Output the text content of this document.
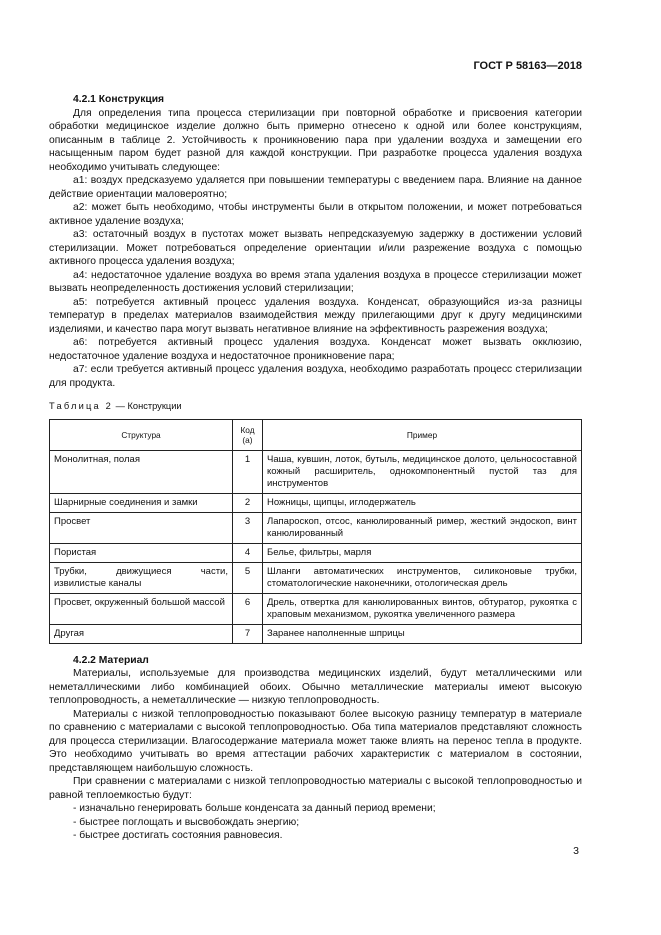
ГОСТ Р 58163—2018

4.2.1 Конструкция

Для определения типа процесса стерилизации при повторной обработке и присвоения категории обработки медицинское изделие должно быть примерно отнесено к одной или более конструкциям, описанным в таблице 2. Устойчивость к проникновению пара при удалении воздуха и замещении его насыщенным паром будет разной для каждой конструкции. При разработке процесса удаления воздуха необходимо учитывать следующее:

а1: воздух предсказуемо удаляется при повышении температуры с введением пара. Влияние на данное действие ориентации маловероятно;

а2: может быть необходимо, чтобы инструменты были в открытом положении, и может потребоваться активное удаление воздуха;

а3: остаточный воздух в пустотах может вызвать непредсказуемую задержку в достижении условий стерилизации. Может потребоваться определение ориентации и/или разрежение воздуха с помощью активного процесса удаления воздуха;

а4: недостаточное удаление воздуха во время этапа удаления воздуха в процессе стерилизации может вызвать неопределенность достижения условий стерилизации;

а5: потребуется активный процесс удаления воздуха. Конденсат, образующийся из-за разницы температур в пределах материалов взаимодействия между прилегающими друг к другу медицинскими изделиями, и качество пара могут вызвать негативное влияние на эффективность разрежения воздуха;

а6: потребуется активный процесс удаления воздуха. Конденсат может вызвать окклюзию, недостаточное удаление воздуха и недостаточное проникновение пара;

а7: если требуется активный процесс удаления воздуха, необходимо разработать процесс стерилизации для продукта.

Таблица 2 — Конструкции

Структура	Код (a)	Пример
Монолитная, полая	1	Чаша, кувшин, лоток, бутыль, медицинское долото, цельносоставной кожный расширитель, однокомпонентный пустой таз для инструментов
Шарнирные соединения и замки	2	Ножницы, щипцы, иглодержатель
Просвет	3	Лапароскоп, отсос, канюлированный ример, жесткий эндоскоп, винт канюлированный
Пористая	4	Белье, фильтры, марля
Трубки, движущиеся части, извилистые каналы	5	Шланги автоматических инструментов, силиконовые трубки, стоматологические наконечники, отологическая дрель
Просвет, окруженный большой массой	6	Дрель, отвертка для канюлированных винтов, обтуратор, рукоятка с храповым механизмом, рукоятка увеличенного размера
Другая	7	Заранее наполненные шприцы

4.2.2 Материал

Материалы, используемые для производства медицинских изделий, будут металлическими или неметаллическими либо комбинацией обоих. Обычно металлические материалы имеют высокую теплопроводность, а неметаллические — низкую теплопроводность.

Материалы с низкой теплопроводностью показывают более высокую разницу температур в материале по сравнению с материалами с высокой теплопроводностью. Оба типа материалов представляют сложность для процесса стерилизации. Влагосодержание материала может также влиять на перенос тепла в продукте. Это необходимо учитывать во время аттестации рабочих характеристик с материалом в состоянии, представляющем наибольшую сложность.

При сравнении с материалами с низкой теплопроводностью материалы с высокой теплопроводностью и равной теплоемкостью будут:

- изначально генерировать больше конденсата за данный период времени;

- быстрее поглощать и высвобождать энергию;

- быстрее достигать состояния равновесия.

3
